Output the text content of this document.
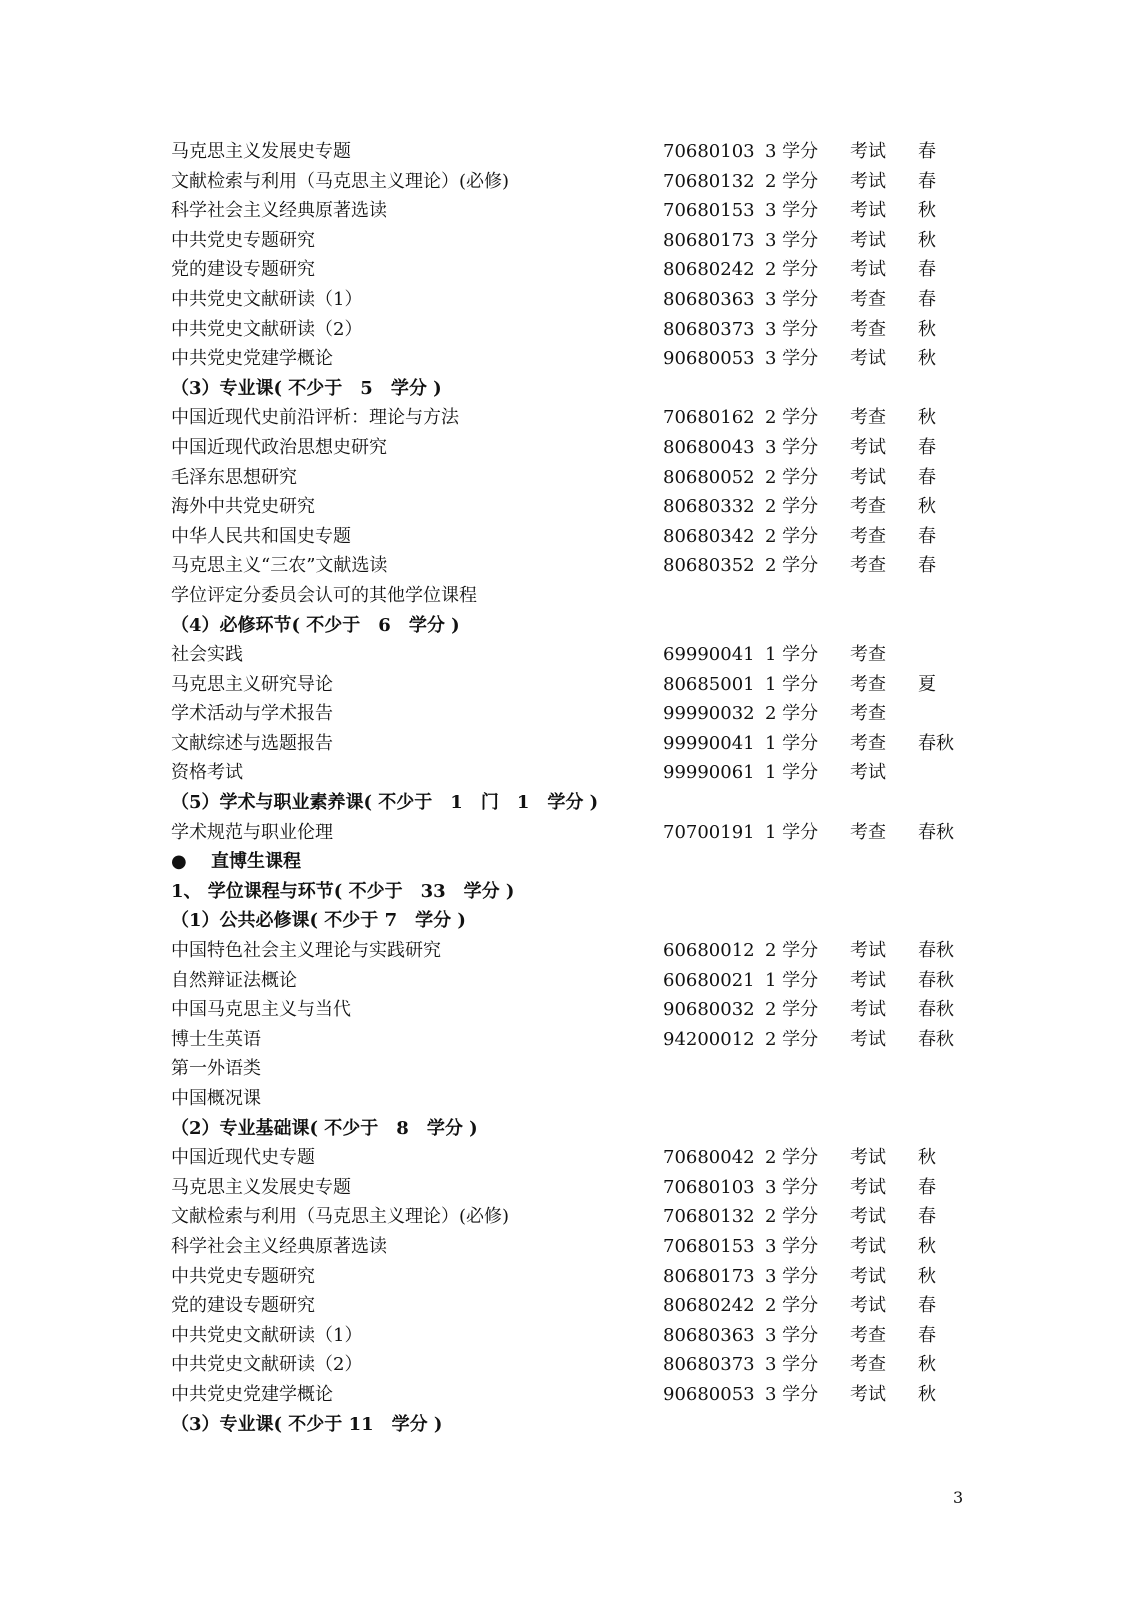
马克思主义发展史专题	70680103 3 学分 考试 春
文献检索与利用（马克思主义理论）(必修)	70680132 2 学分 考试 春
科学社会主义经典原著选读	70680153 3 学分 考试 秋
中共党史专题研究	80680173 3 学分 考试 秋
党的建设专题研究	80680242 2 学分 考试 春
中共党史文献研读（1）	80680363 3 学分 考查 春
中共党史文献研读（2）	80680373 3 学分 考查 秋
中共党史党建学概论	90680053 3 学分 考试 秋
（3）专业课( 不少于　5　学分 )
中国近现代史前沿评析：理论与方法	70680162 2 学分 考查 秋
中国近现代政治思想史研究	80680043 3 学分 考试 春
毛泽东思想研究	80680052 2 学分 考试 春
海外中共党史研究	80680332 2 学分 考查 秋
中华人民共和国史专题	80680342 2 学分 考查 春
马克思主义“三农”文献选读	80680352 2 学分 考查 春
学位评定分委员会认可的其他学位课程
（4）必修环节( 不少于　6　学分 )
社会实践	69990041 1 学分 考查
马克思主义研究导论	80685001 1 学分 考查 夏
学术活动与学术报告	99990032 2 学分 考查
文献综述与选题报告	99990041 1 学分 考查 春秋
资格考试	99990061 1 学分 考试
（5）学术与职业素养课( 不少于　1　门　1　学分 )
学术规范与职业伦理	70700191 1 学分 考查 春秋
●　 直博生课程
1、 学位课程与环节( 不少于　33　学分 )
（1）公共必修课( 不少于 7　学分 )
中国特色社会主义理论与实践研究	60680012 2 学分 考试 春秋
自然辩证法概论	60680021 1 学分 考试 春秋
中国马克思主义与当代	90680032 2 学分 考试 春秋
博士生英语	94200012 2 学分 考试 春秋
第一外语类
中国概况课
（2）专业基础课( 不少于　8　学分 )
中国近现代史专题	70680042 2 学分 考试 秋
马克思主义发展史专题	70680103 3 学分 考试 春
文献检索与利用（马克思主义理论）(必修)	70680132 2 学分 考试 春
科学社会主义经典原著选读	70680153 3 学分 考试 秋
中共党史专题研究	80680173 3 学分 考试 秋
党的建设专题研究	80680242 2 学分 考试 春
中共党史文献研读（1）	80680363 3 学分 考查 春
中共党史文献研读（2）	80680373 3 学分 考查 秋
中共党史党建学概论	90680053 3 学分 考试 秋
（3）专业课( 不少于 11　学分 )
3
